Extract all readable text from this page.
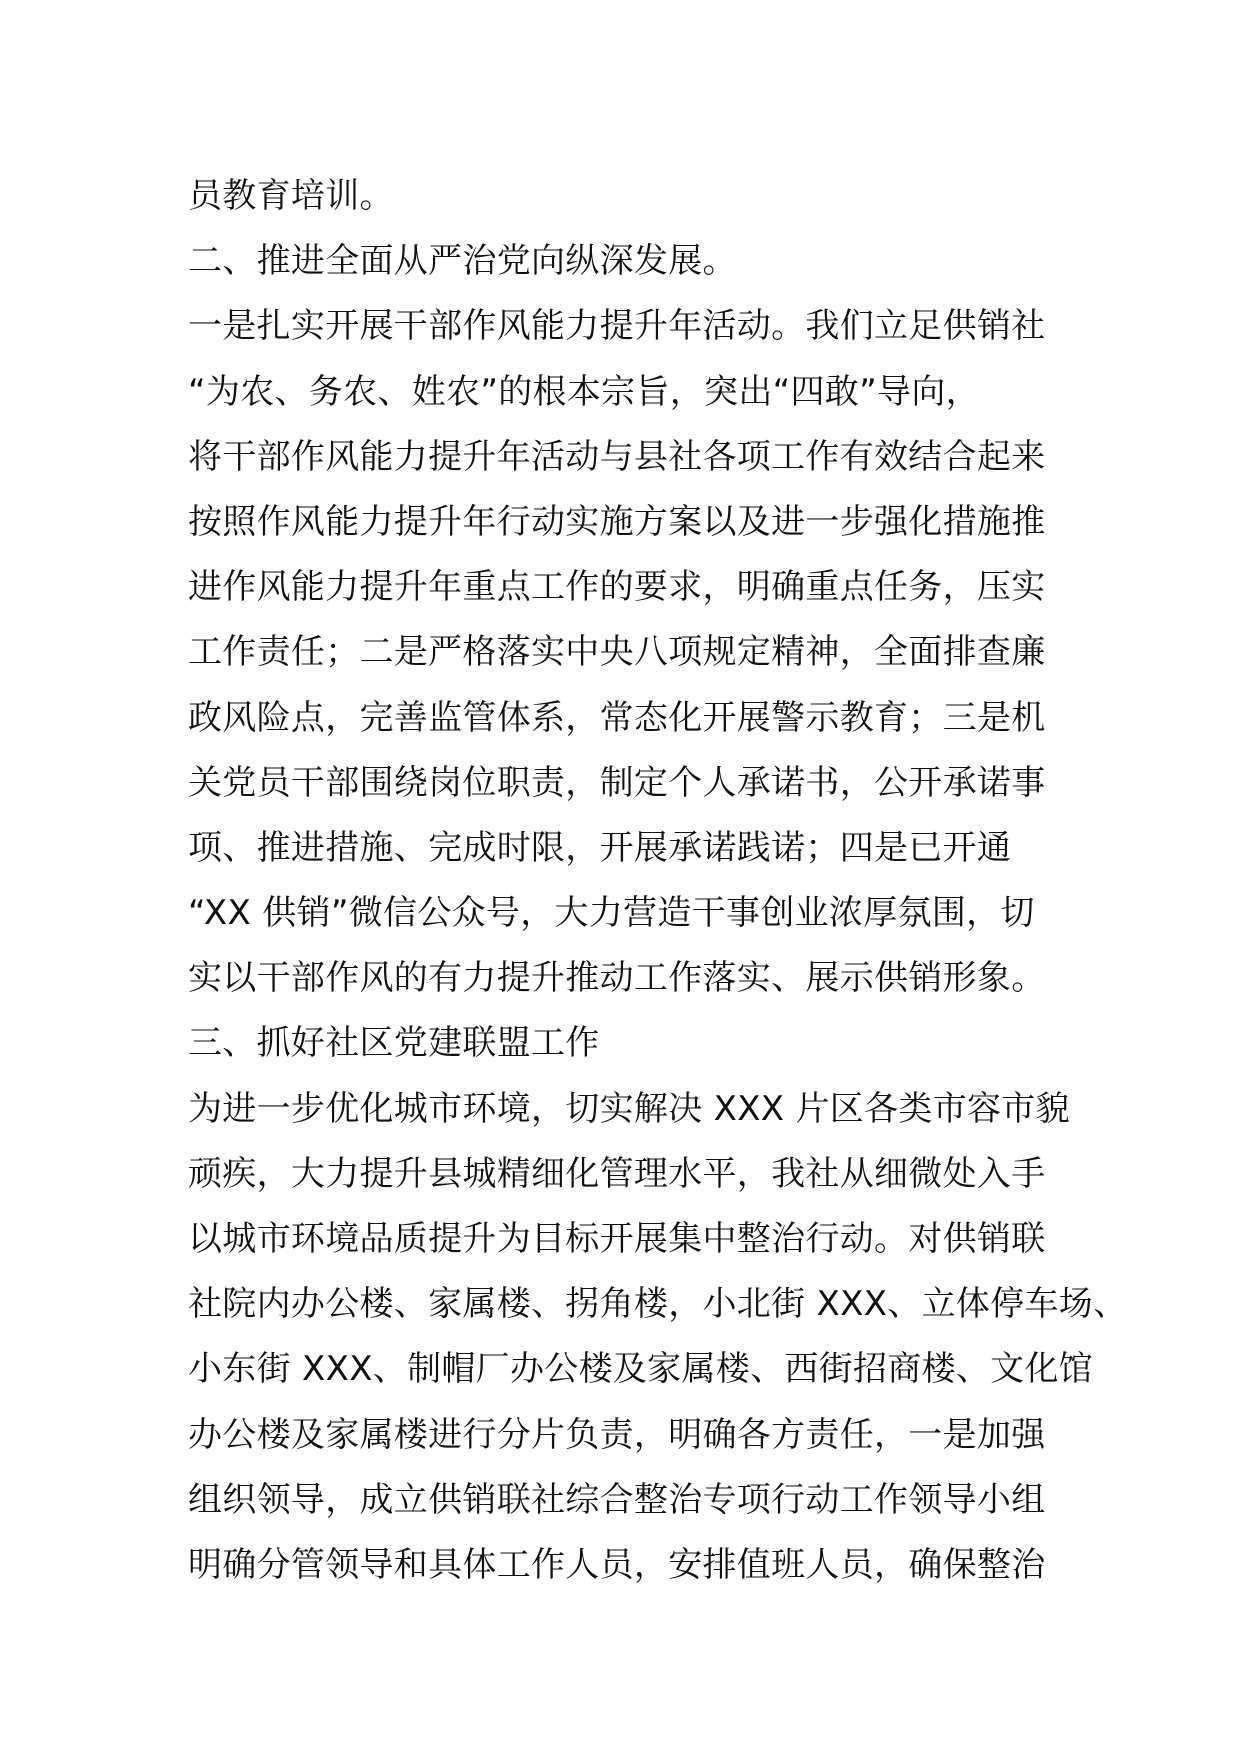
员教育培训。
二、推进全面从严治党向纵深发展。
一是扎实开展干部作风能力提升年活动。我们立足供销社
“为农、务农、姓农”的根本宗旨，突出“四敢”导向，
将干部作风能力提升年活动与县社各项工作有效结合起来
按照作风能力提升年行动实施方案以及进一步强化措施推
进作风能力提升年重点工作的要求，明确重点任务，压实
工作责任；二是严格落实中央八项规定精神，全面排查廉
政风险点，完善监管体系，常态化开展警示教育；三是机
关党员干部围绕岗位职责，制定个人承诺书，公开承诺事
项、推进措施、完成时限，开展承诺践诺；四是已开通
“XX 供销”微信公众号，大力营造干事创业浓厚氛围，切
实以干部作风的有力提升推动工作落实、展示供销形象。
三、抓好社区党建联盟工作
为进一步优化城市环境，切实解决 XXX 片区各类市容市貌
顽疾，大力提升县城精细化管理水平，我社从细微处入手
以城市环境品质提升为目标开展集中整治行动。对供销联
社院内办公楼、家属楼、拐角楼，小北街 XXX、立体停车场、
小东街 XXX、制帽厂办公楼及家属楼、西街招商楼、文化馆
办公楼及家属楼进行分片负责，明确各方责任，一是加强
组织领导，成立供销联社综合整治专项行动工作领导小组
明确分管领导和具体工作人员，安排值班人员，确保整治
